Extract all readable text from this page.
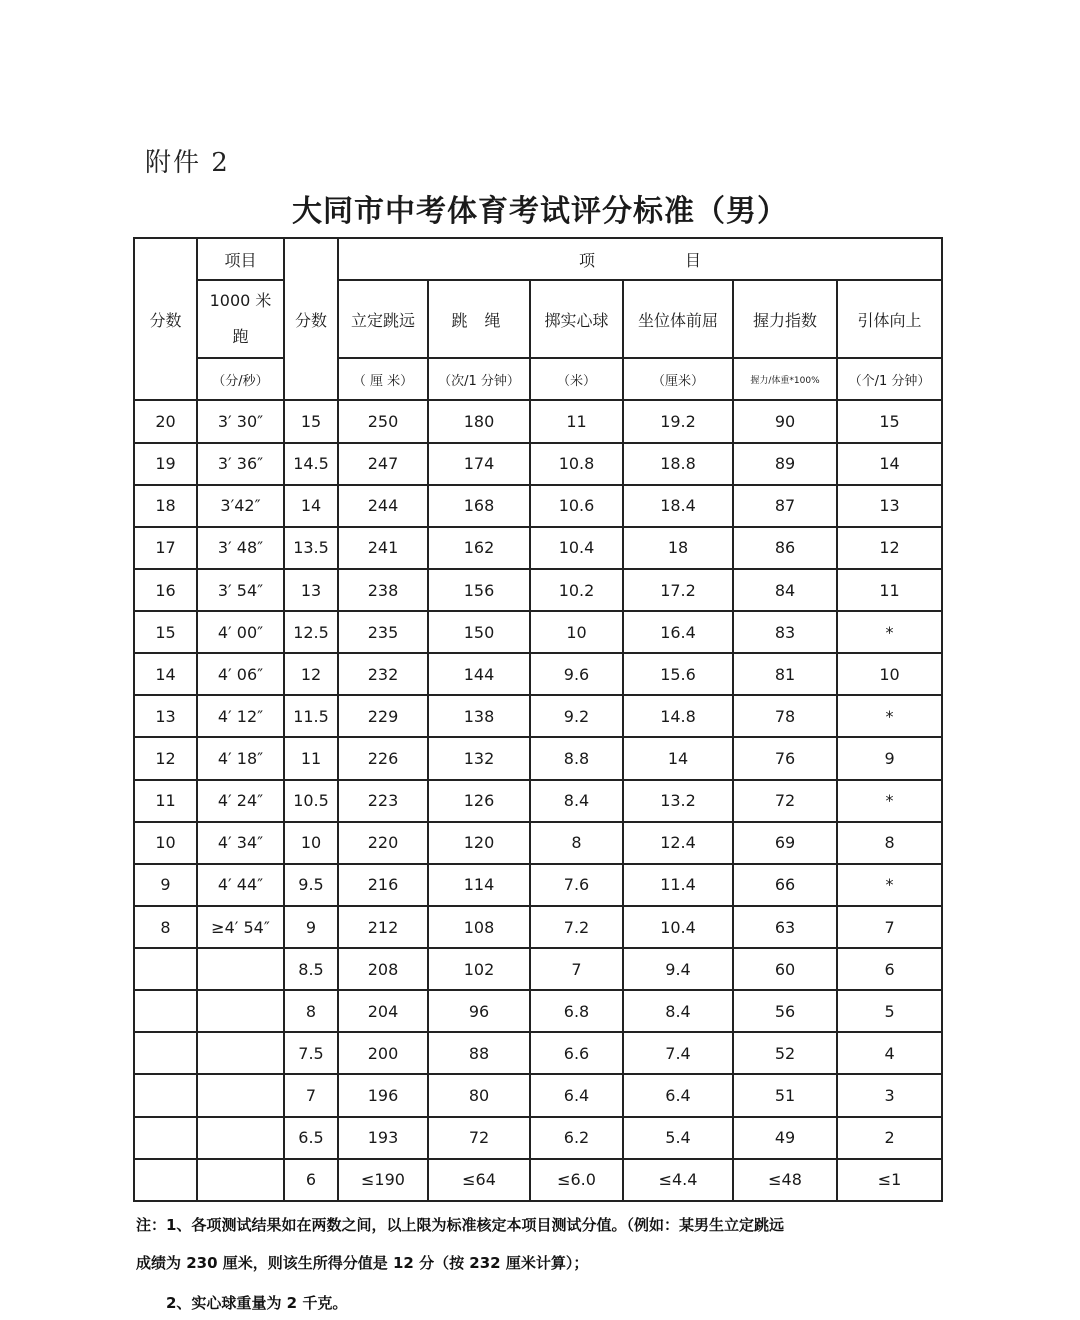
附件 2
大同市中考体育考试评分标准（男）
分数	项目	分数	项目					
	1000 米跑		立定跳远	跳 绳	掷实心球	坐位体前屈	握力指数	引体向上
	（分/秒）		（ 厘 米）	（次/1 分钟）	（米）	（厘米）	握力/体重*100%	（个/1 分钟）
20	3′ 30″	15	250	180	11	19.2	90	15
19	3′ 36″	14.5	247	174	10.8	18.8	89	14
18	3′42″	14	244	168	10.6	18.4	87	13
17	3′ 48″	13.5	241	162	10.4	18	86	12
16	3′ 54″	13	238	156	10.2	17.2	84	11
15	4′ 00″	12.5	235	150	10	16.4	83	*
14	4′ 06″	12	232	144	9.6	15.6	81	10
13	4′ 12″	11.5	229	138	9.2	14.8	78	*
12	4′ 18″	11	226	132	8.8	14	76	9
11	4′ 24″	10.5	223	126	8.4	13.2	72	*
10	4′ 34″	10	220	120	8	12.4	69	8
9	4′ 44″	9.5	216	114	7.6	11.4	66	*
8	≥4′ 54″	9	212	108	7.2	10.4	63	7
		8.5	208	102	7	9.4	60	6
		8	204	96	6.8	8.4	56	5
		7.5	200	88	6.6	7.4	52	4
		7	196	80	6.4	6.4	51	3
		6.5	193	72	6.2	5.4	49	2
		6	≤190	≤64	≤6.0	≤4.4	≤48	≤1
注：1、各项测试结果如在两数之间，以上限为标准核定本项目测试分值。（例如：某男生立定跳远
成绩为 230 厘米，则该生所得分值是 12 分（按 232 厘米计算）；
2、实心球重量为 2 千克。
